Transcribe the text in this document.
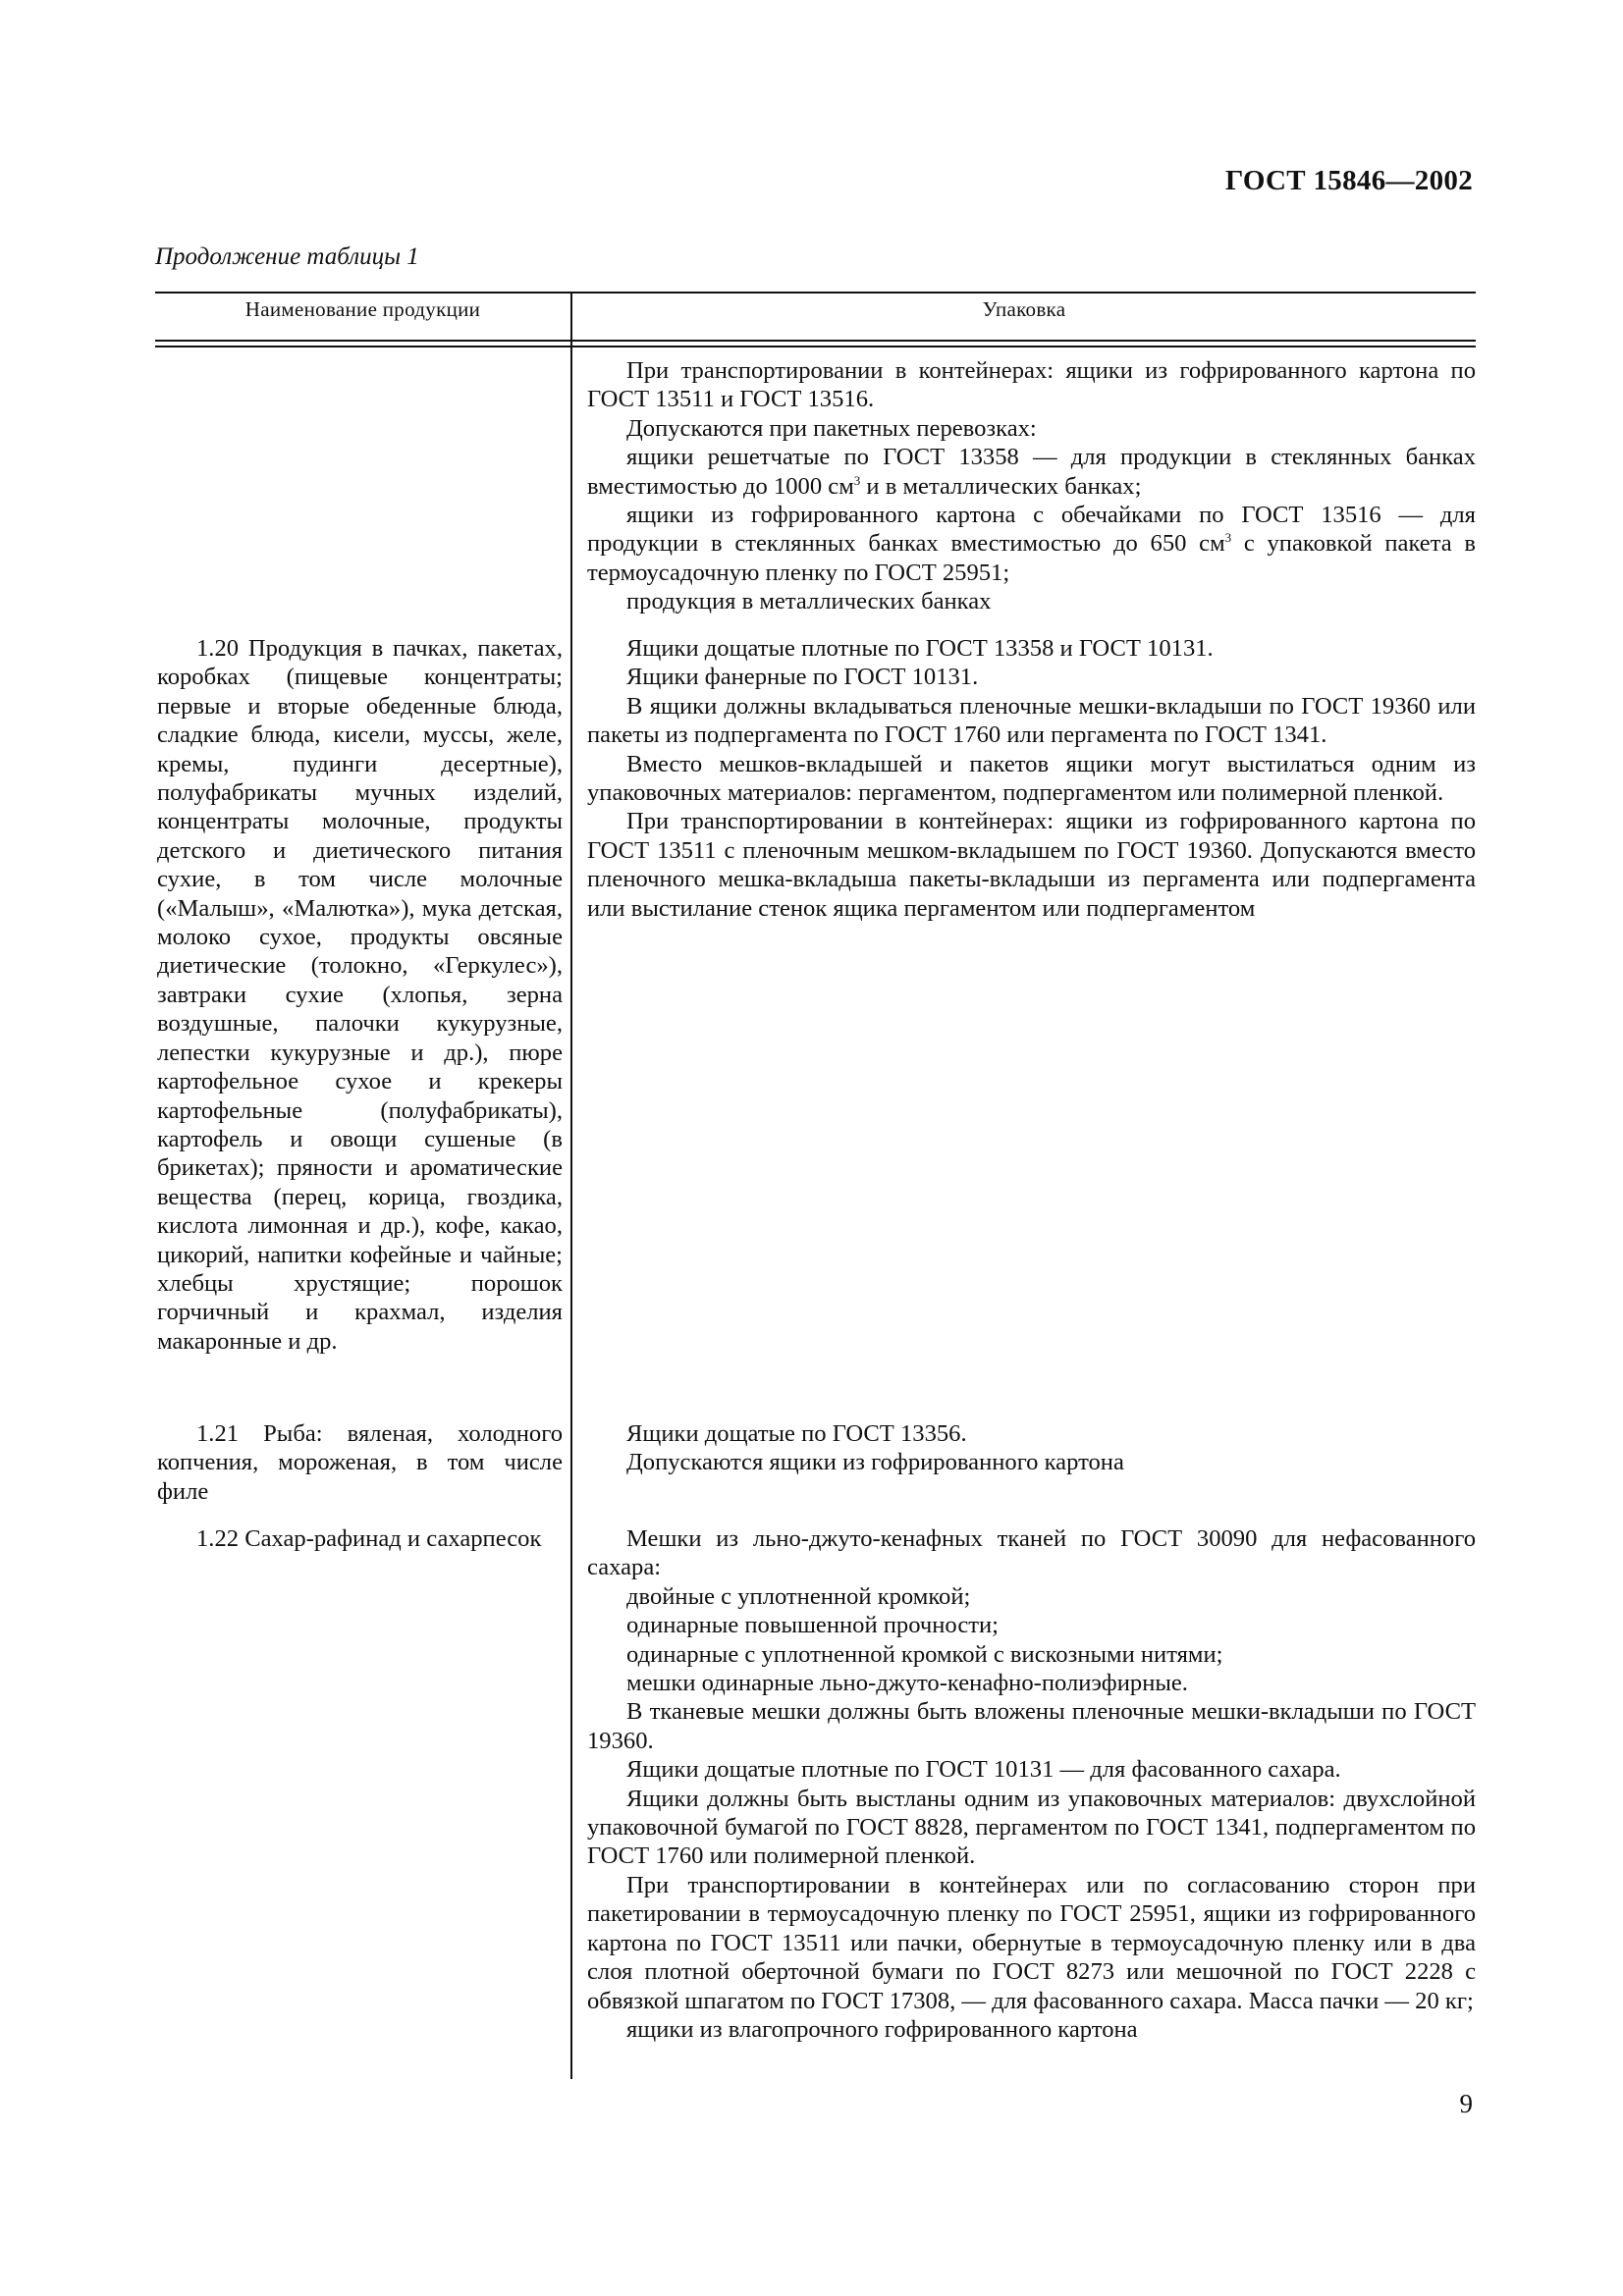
ГОСТ 15846—2002
Продолжение таблицы 1
Наименование продукции	Упаковка
При транспортировании в контейнерах: ящики из гофрированного картона по ГОСТ 13511 и ГОСТ 13516.
Допускаются при пакетных перевозках:
ящики решетчатые по ГОСТ 13358 — для продукции в стеклянных банках вместимостью до 1000 $см^3$ и в металлических банках;
ящики из гофрированного картона с обечайками по ГОСТ 13516 — для продукции в стеклянных банках вместимостью до 650 $см^3$ с упаковкой пакета в термоусадочную пленку по ГОСТ 25951;
продукция в металлических банках
1.20 Продукция в пачках, пакетах, коробках (пищевые концентраты; первые и вторые обеденные блюда, сладкие блюда, кисели, муссы, желе, кремы, пудинги десертные), полуфабрикаты мучных изделий, концентраты молочные, продукты детского и диетического питания сухие, в том числе молочные («Малыш», «Малютка»), мука детская, молоко сухое, продукты овсяные диетические (толокно, «Геркулес»), завтраки сухие (хлопья, зерна воздушные, палочки кукурузные, лепестки кукурузные и др.), пюре картофельное сухое и крекеры картофельные (полуфабрикаты), картофель и овощи сушеные (в брикетах); пряности и ароматические вещества (перец, корица, гвоздика, кислота лимонная и др.), кофе, какао, цикорий, напитки кофейные и чайные; хлебцы хрустящие; порошок горчичный и крахмал, изделия макаронные и др.
Ящики дощатые плотные по ГОСТ 13358 и ГОСТ 10131.
Ящики фанерные по ГОСТ 10131.
В ящики должны вкладываться пленочные мешки-вкладыши по ГОСТ 19360 или пакеты из подпергамента по ГОСТ 1760 или пергамента по ГОСТ 1341.
Вместо мешков-вкладышей и пакетов ящики могут выстилаться одним из упаковочных материалов: пергаментом, подпергаментом или полимерной пленкой.
При транспортировании в контейнерах: ящики из гофрированного картона по ГОСТ 13511 с пленочным мешком-вкладышем по ГОСТ 19360. Допускаются вместо пленочного мешка-вкладыша пакеты-вкладыши из пергамента или подпергамента или выстилание стенок ящика пергаментом или подпергаментом
1.21 Рыба: вяленая, холодного копчения, мороженая, в том числе филе
Ящики дощатые по ГОСТ 13356.
Допускаются ящики из гофрированного картона
1.22 Сахар-рафинад и сахарпесок	Мешки из льно-джуто-кенафных тканей по ГОСТ 30090 для нефасованного сахара:
двойные с уплотненной кромкой;
одинарные повышенной прочности;
одинарные с уплотненной кромкой с вискозными нитями;
мешки одинарные льно-джуто-кенафно-полиэфирные.
В тканевые мешки должны быть вложены пленочные мешки-вкладыши по ГОСТ 19360.
Ящики дощатые плотные по ГОСТ 10131 — для фасованного сахара.
Ящики должны быть выстланы одним из упаковочных материалов: двухслойной упаковочной бумагой по ГОСТ 8828, пергаментом по ГОСТ 1341, подпергаментом по ГОСТ 1760 или полимерной пленкой.
При транспортировании в контейнерах или по согласованию сторон при пакетировании в термоусадочную пленку по ГОСТ 25951, ящики из гофрированного картона по ГОСТ 13511 или пачки, обернутые в термоусадочную пленку или в два слоя плотной оберточной бумаги по ГОСТ 8273 или мешочной по ГОСТ 2228 с обвязкой шпагатом по ГОСТ 17308, — для фасованного сахара. Масса пачки — 20 кг;
ящики из влагопрочного гофрированного картона
9
